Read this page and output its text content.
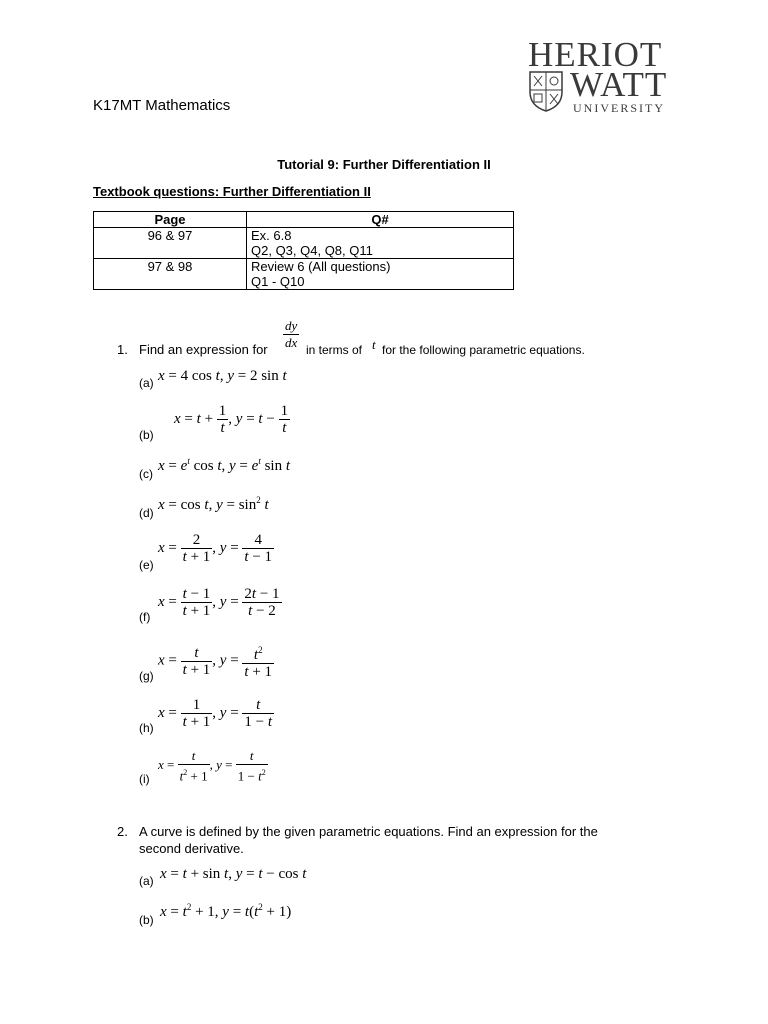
K17MT Mathematics
HERIOT
WATT
UNIVERSITY
Tutorial 9: Further Differentiation II
Textbook questions: Further Differentiation II
Page	Q#
96 & 97	Ex. 6.8
Q2, Q3, Q4, Q8, Q11

97 & 98	Review 6 (All questions)
Q1 - Q10
1. Find an expression for $\frac{dy}{dx}$ in terms of t for the following parametric equations.
(a) x = 4 cos t, y = 2 sin t
(b)
$x = t + \frac{1}{t}$ , $y = t - \frac{1}{t}$
(c) $x = e^t$ cos t, $y = e^t$ sin t
(d) x = cos t, $y = \sin^2 t$
(e)
$x = \frac{2}{t + 1}$ , $y = \frac{4}{t - 1}$
(f)
$x = \frac{t - 1}{t + 1}$ , $y = \frac{2t - 1}{t - 2}$
(g)
$x = \frac{t}{t + 1}$ , $y = \frac{t^2}{t + 1}$
(h)
$x = \frac{1}{t + 1}$ , $y = \frac{t}{1 - t}$
(i)
$x = \frac{t}{t^2 + 1}$ , $y = \frac{t}{1 - t^2}$
2. A curve is defined by the given parametric equations. Find an expression for the
second derivative.
(a) x = t + sin t, y = t − cos t
(b) $x = t^2 + 1$, $y = t(t^2 + 1)$
